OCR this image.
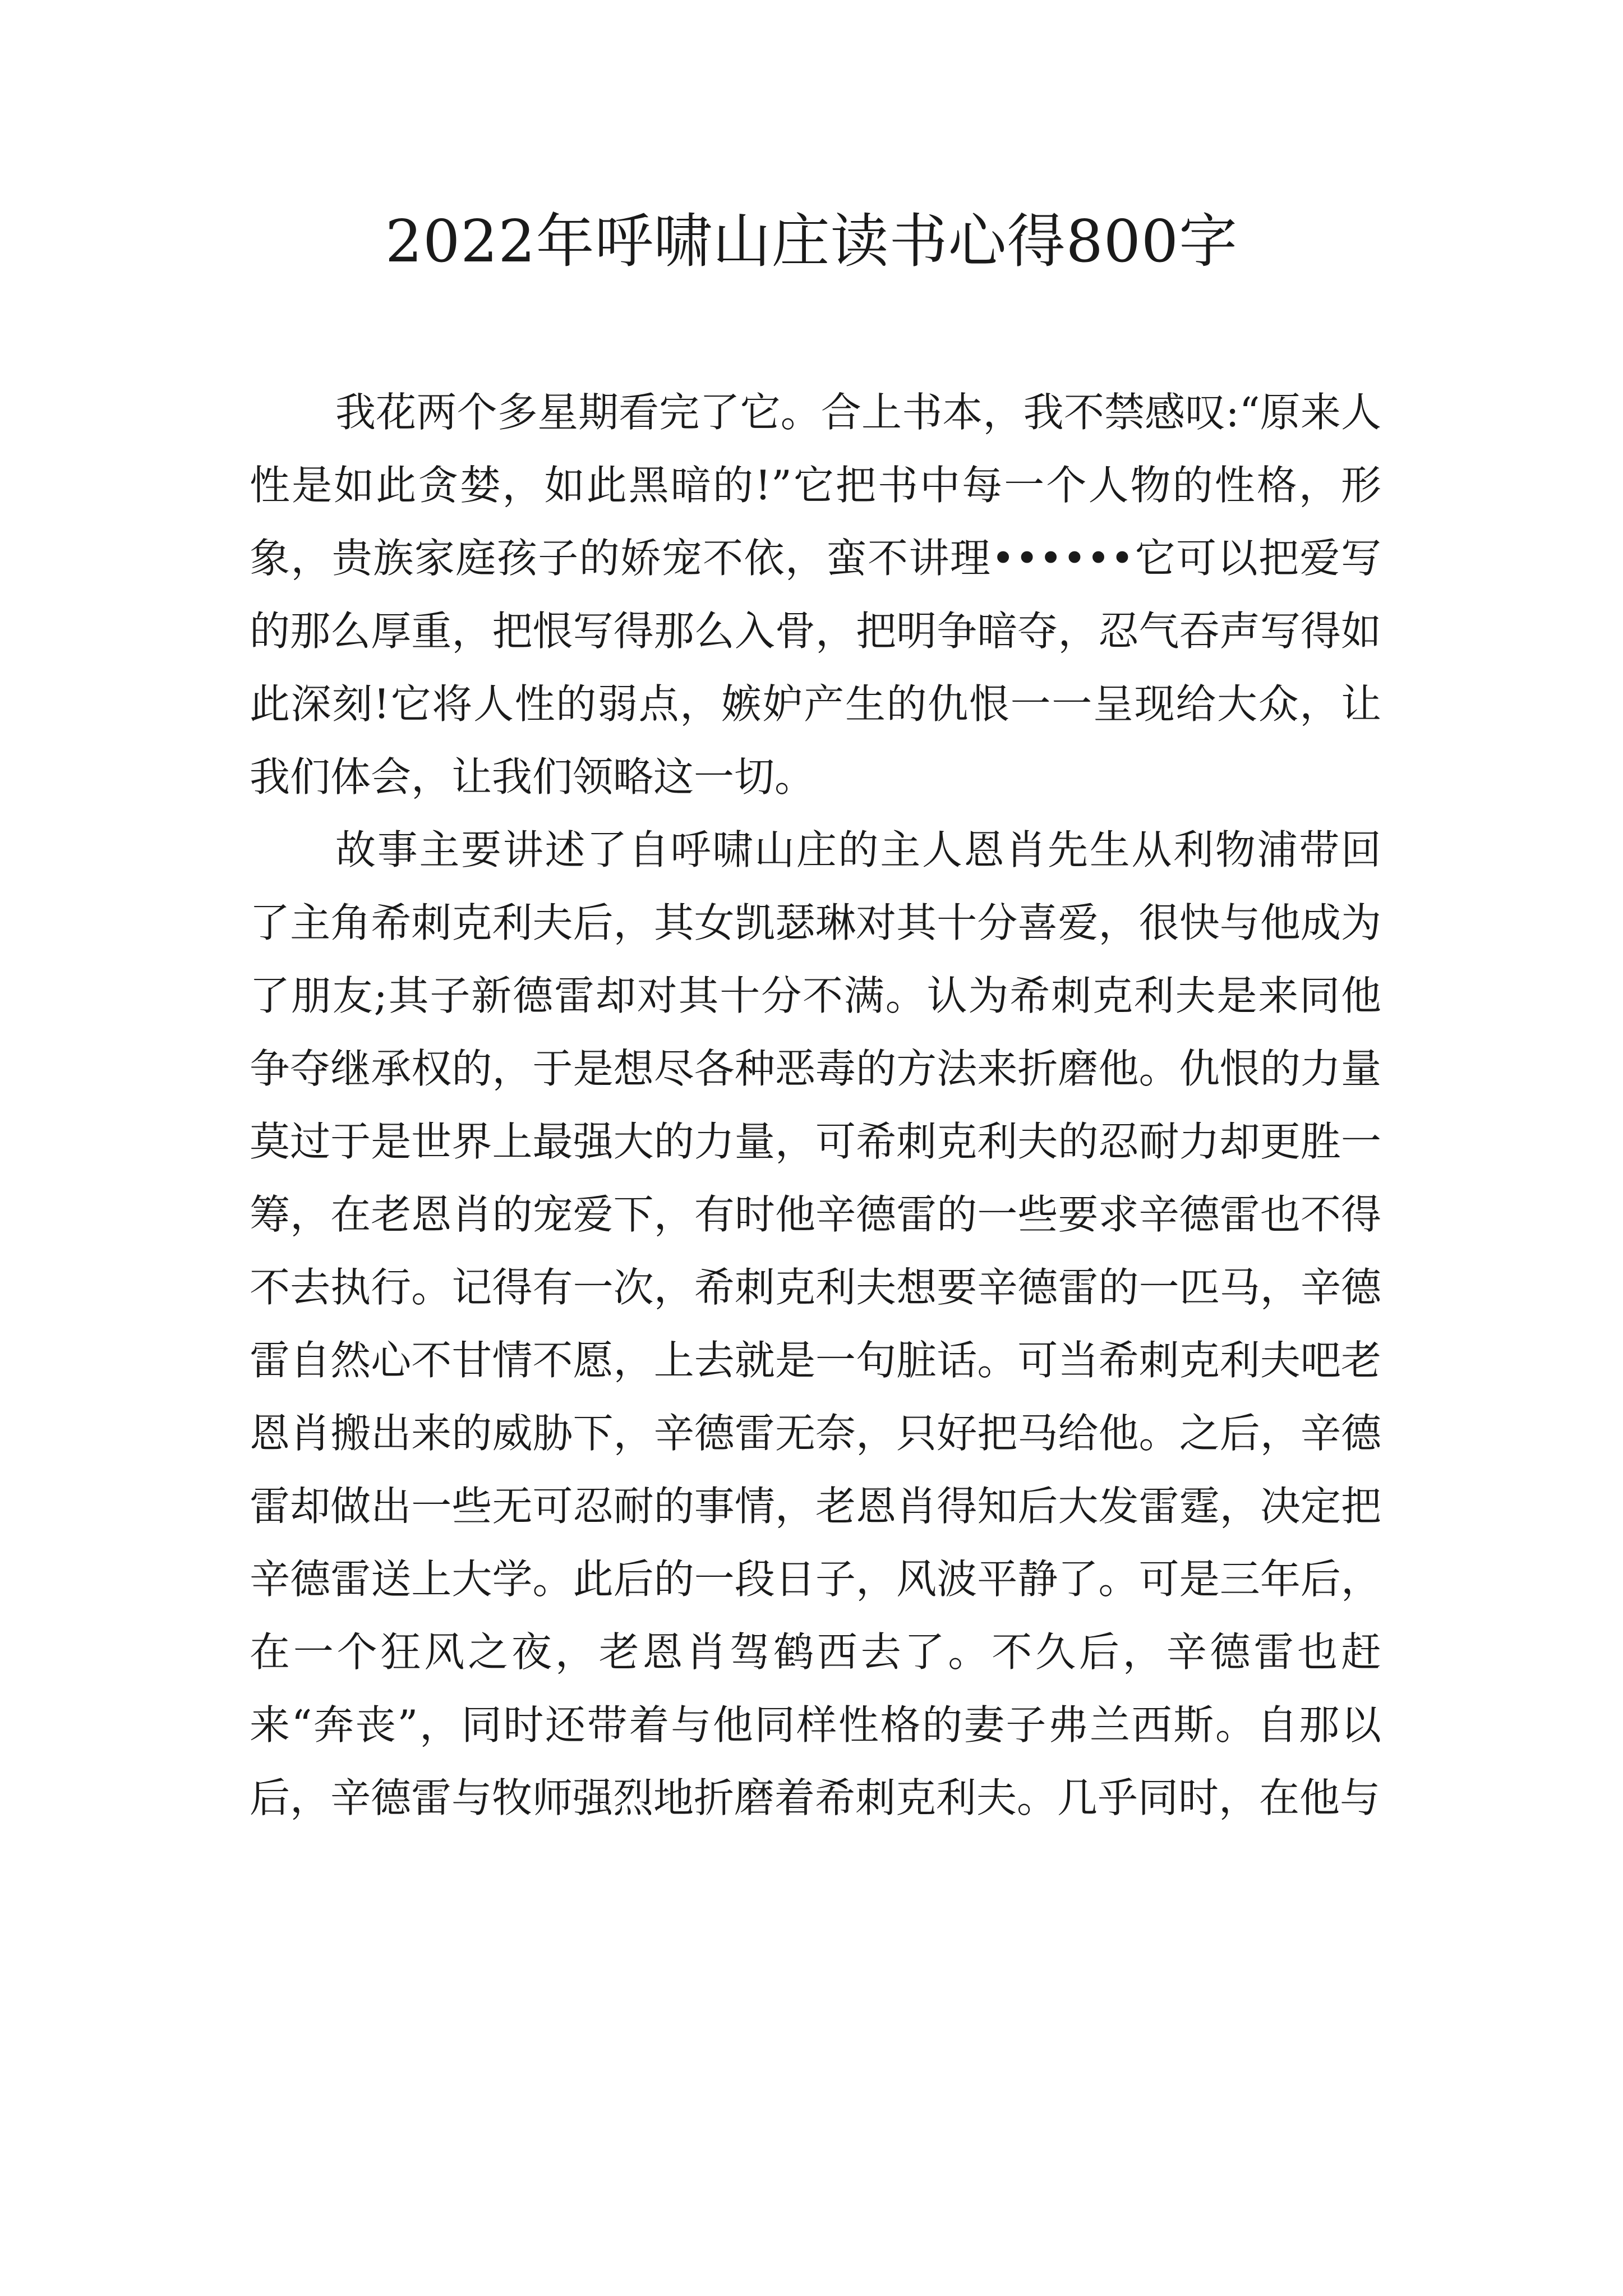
2022年呼啸山庄读书心得800字

我花两个多星期看完了它。合上书本，我不禁感叹:“原来人性是如此贪婪，如此黑暗的!”它把书中每一个人物的性格，形象，贵族家庭孩子的娇宠不依，蛮不讲理••••••它可以把爱写的那么厚重，把恨写得那么入骨，把明争暗夺，忍气吞声写得如此深刻!它将人性的弱点，嫉妒产生的仇恨一一呈现给大众，让我们体会，让我们领略这一切。

故事主要讲述了自呼啸山庄的主人恩肖先生从利物浦带回了主角希刺克利夫后，其女凯瑟琳对其十分喜爱，很快与他成为了朋友;其子新德雷却对其十分不满。认为希刺克利夫是来同他争夺继承权的，于是想尽各种恶毒的方法来折磨他。仇恨的力量莫过于是世界上最强大的力量，可希刺克利夫的忍耐力却更胜一筹，在老恩肖的宠爱下，有时他辛德雷的一些要求辛德雷也不得不去执行。记得有一次，希刺克利夫想要辛德雷的一匹马，辛德雷自然心不甘情不愿，上去就是一句脏话。可当希刺克利夫吧老恩肖搬出来的威胁下，辛德雷无奈，只好把马给他。之后，辛德雷却做出一些无可忍耐的事情，老恩肖得知后大发雷霆，决定把辛德雷送上大学。此后的一段日子，风波平静了。可是三年后，在一个狂风之夜，老恩肖驾鹤西去了。不久后，辛德雷也赶来“奔丧”，同时还带着与他同样性格的妻子弗兰西斯。自那以后，辛德雷与牧师强烈地折磨着希刺克利夫。几乎同时，在他与
